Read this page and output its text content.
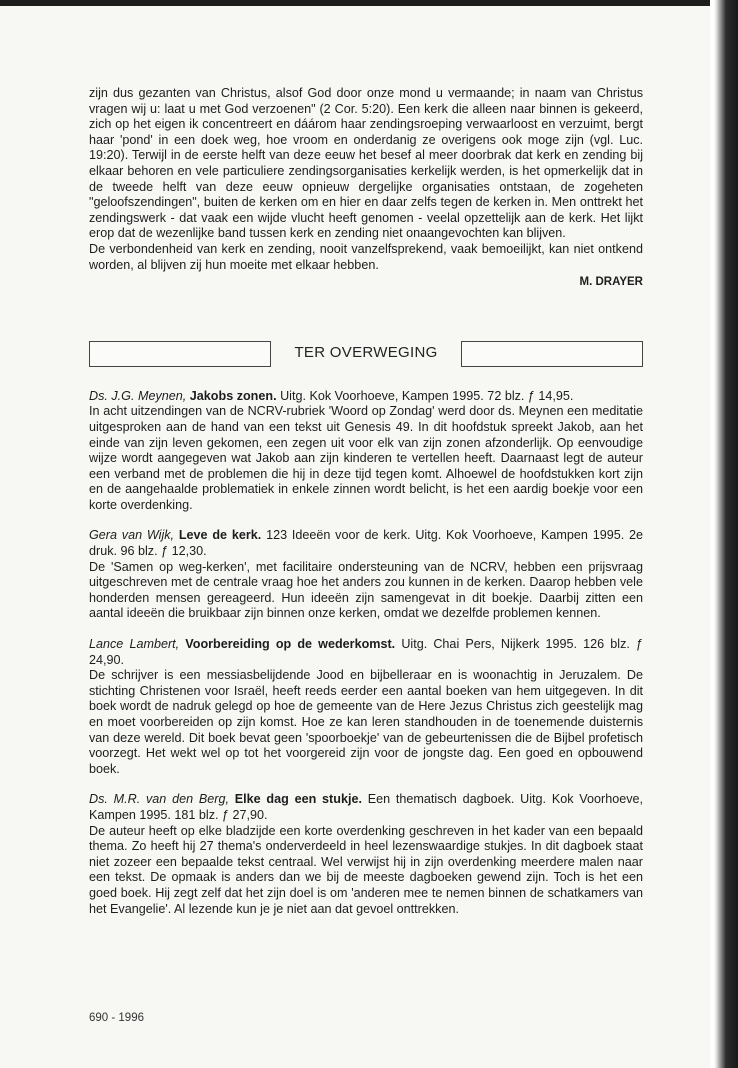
zijn dus gezanten van Christus, alsof God door onze mond u vermaande; in naam van Christus vragen wij u: laat u met God verzoenen" (2 Cor. 5:20). Een kerk die alleen naar binnen is gekeerd, zich op het eigen ik concentreert en dáárom haar zendingsroeping verwaarloost en verzuimt, bergt haar 'pond' in een doek weg, hoe vroom en onderdanig ze overigens ook moge zijn (vgl. Luc. 19:20). Terwijl in de eerste helft van deze eeuw het besef al meer doorbrak dat kerk en zending bij elkaar behoren en vele particuliere zendingsorganisaties kerkelijk werden, is het opmerkelijk dat in de tweede helft van deze eeuw opnieuw dergelijke organisaties ontstaan, de zogeheten "geloofszendingen", buiten de kerken om en hier en daar zelfs tegen de kerken in. Men onttrekt het zendingswerk - dat vaak een wijde vlucht heeft genomen - veelal opzettelijk aan de kerk. Het lijkt erop dat de wezenlijke band tussen kerk en zending niet onaangevochten kan blijven.

De verbondenheid van kerk en zending, nooit vanzelfsprekend, vaak bemoeilijkt, kan niet ontkend worden, al blijven zij hun moeite met elkaar hebben.

M. DRAYER
TER OVERWEGING

Ds. J.G. Meynen, Jakobs zonen. Uitg. Kok Voorhoeve, Kampen 1995. 72 blz. ƒ 14,95.
In acht uitzendingen van de NCRV-rubriek 'Woord op Zondag' werd door ds. Meynen een meditatie uitgesproken aan de hand van een tekst uit Genesis 49. In dit hoofdstuk spreekt Jakob, aan het einde van zijn leven gekomen, een zegen uit voor elk van zijn zonen afzonderlijk. Op eenvoudige wijze wordt aangegeven wat Jakob aan zijn kinderen te vertellen heeft. Daarnaast legt de auteur een verband met de problemen die hij in deze tijd tegen komt. Alhoewel de hoofdstukken kort zijn en de aangehaalde problematiek in enkele zinnen wordt belicht, is het een aardig boekje voor een korte overdenking.

Gera van Wijk, Leve de kerk. 123 Ideeën voor de kerk. Uitg. Kok Voorhoeve, Kampen 1995. 2e druk. 96 blz. ƒ 12,30.
De 'Samen op weg-kerken', met facilitaire ondersteuning van de NCRV, hebben een prijsvraag uitgeschreven met de centrale vraag hoe het anders zou kunnen in de kerken. Daarop hebben vele honderden mensen gereageerd. Hun ideeën zijn samengevat in dit boekje. Daarbij zitten een aantal ideeën die bruikbaar zijn binnen onze kerken, omdat we dezelfde problemen kennen.

Lance Lambert, Voorbereiding op de wederkomst. Uitg. Chai Pers, Nijkerk 1995. 126 blz. ƒ 24,90.
De schrijver is een messiasbelijdende Jood en bijbelleraar en is woonachtig in Jeruzalem. De stichting Christenen voor Israël, heeft reeds eerder een aantal boeken van hem uitgegeven. In dit boek wordt de nadruk gelegd op hoe de gemeente van de Here Jezus Christus zich geestelijk mag en moet voorbereiden op zijn komst. Hoe ze kan leren standhouden in de toenemende duisternis van deze wereld. Dit boek bevat geen 'spoorboekje' van de gebeurtenissen die de Bijbel profetisch voorzegt. Het wekt wel op tot het voorgereid zijn voor de jongste dag. Een goed en opbouwend boek.

Ds. M.R. van den Berg, Elke dag een stukje. Een thematisch dagboek. Uitg. Kok Voorhoeve, Kampen 1995. 181 blz. ƒ 27,90.
De auteur heeft op elke bladzijde een korte overdenking geschreven in het kader van een bepaald thema. Zo heeft hij 27 thema's onderverdeeld in heel lezenswaardige stukjes. In dit dagboek staat niet zozeer een bepaalde tekst centraal. Wel verwijst hij in zijn overdenking meerdere malen naar een tekst. De opmaak is anders dan we bij de meeste dagboeken gewend zijn. Toch is het een goed boek. Hij zegt zelf dat het zijn doel is om 'anderen mee te nemen binnen de schatkamers van het Evangelie'. Al lezende kun je je niet aan dat gevoel onttrekken.

690 - 1996
